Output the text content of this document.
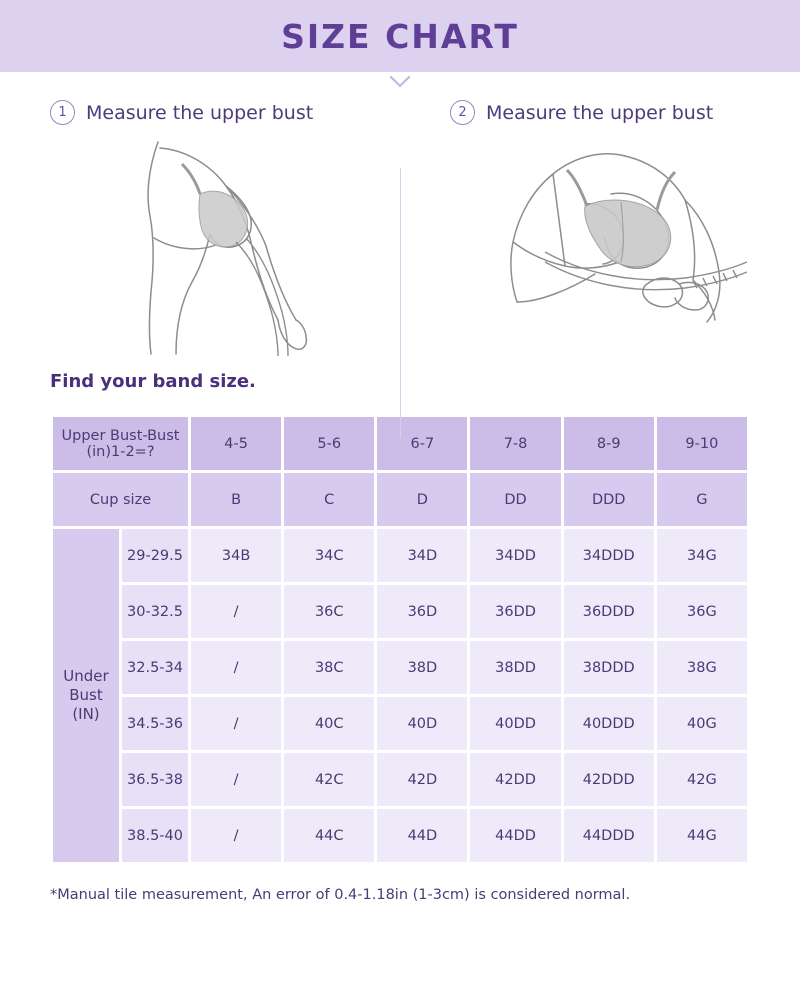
SIZE CHART
1	Measure the upper bust	2	Measure the upper bust
Find your band size.
Upper Bust-Bust (in)1-2=?		4-5	5-6	6-7	7-8	8-9	9-10
Cup size		B	C	D	DD	DDD	G

Under Bust
(IN)	29-29.5	34B	34C	34D	34DD	34DDD	34G
	30-32.5	/	36C	36D	36DD	36DDD	36G
	32.5-34	/	38C	38D	38DD	38DDD	38G
	34.5-36	/	40C	40D	40DD	40DDD	40G
	36.5-38	/	42C	42D	42DD	42DDD	42G
	38.5-40	/	44C	44D	44DD	44DDD	44G
*Manual tile measurement, An error of 0.4-1.18in (1-3cm) is considered normal.
